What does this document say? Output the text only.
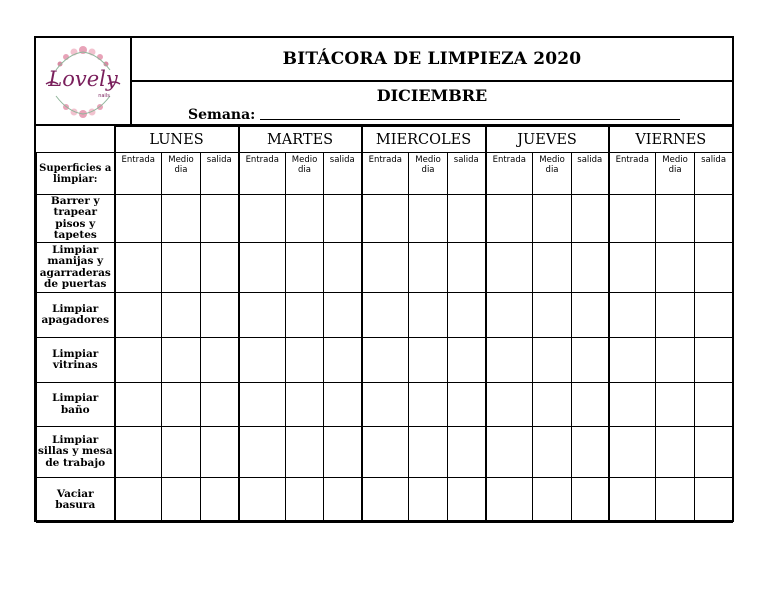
Lovely
nails
BITÁCORA DE LIMPIEZA 2020
DICIEMBRE
Semana:
	LUNES			MARTES			MIERCOLES			JUEVES			VIERNES		
Superficies a limpiar:	Entrada	Medio dia	salida	Entrada	Medio dia	salida	Entrada	Medio dia	salida	Entrada	Medio dia	salida	Entrada	Medio dia	salida
Barrer y trapear pisos y tapetes															
Limpiar manijas y agarraderas de puertas															
Limpiar apagadores															
Limpiar vitrinas															
Limpiar baño															
Limpiar sillas y mesa de trabajo															
Vaciar basura															
